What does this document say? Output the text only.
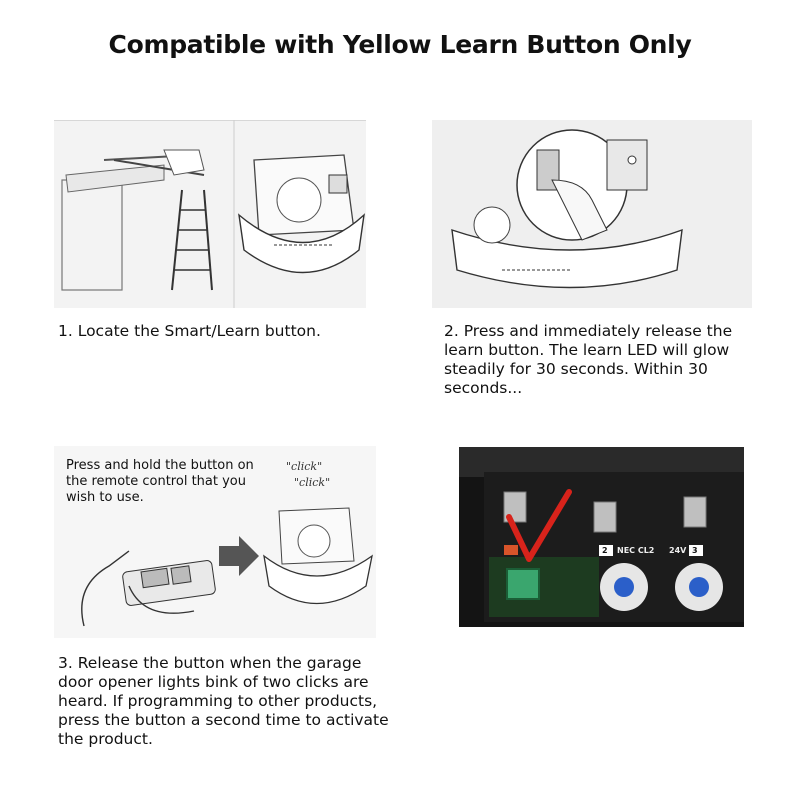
Compatible with Yellow Learn Button Only
1. Locate the Smart/Learn button.	2. Press and immediately release the learn button. The learn LED will glow steadily for 30 seconds. Within 30 seconds...
Press and hold the button on the remote control that you wish to use.
"click"
"click"
3. Release the button when the garage door opener lights bink of two clicks are heard. If programming to other products, press the button a second time to activate the product.
2 NEC CL2 24V 3
